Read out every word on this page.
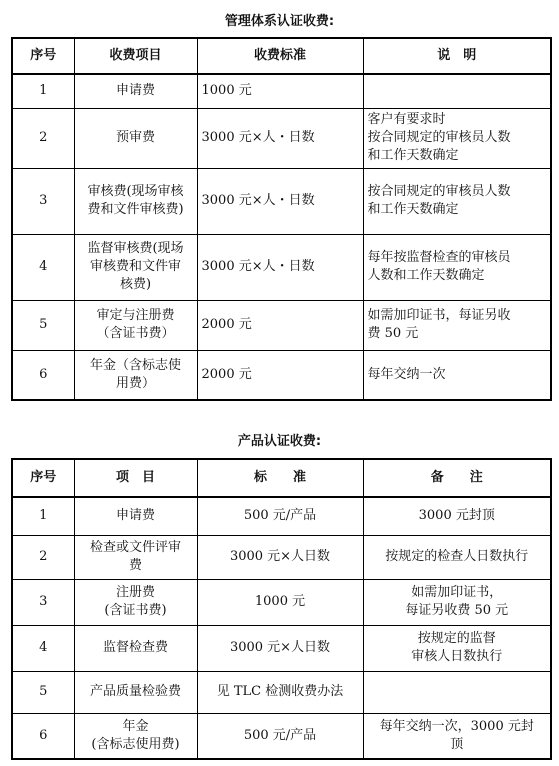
管理体系认证收费:
序号	收费项目	收费标准	说　明
1	申请费	1000 元	
2	预审费	3000 元×人・日数	客户有要求时
按合同规定的审核员人数
和工作天数确定
3	审核费(现场审核
费和文件审核费)	3000 元×人・日数	按合同规定的审核员人数
和工作天数确定
4	监督审核费(现场
审核费和文件审
核费)	3000 元×人・日数	每年按监督检查的审核员
人数和工作天数确定
5	审定与注册费
（含证书费）	2000 元	如需加印证书，每证另收
费 50 元
6	年金（含标志使
用费）	2000 元	每年交纳一次
产品认证收费:
序号	项　目	标　　准	备　　注
1	申请费	500 元/产品	3000 元封顶
2	检查或文件评审
费	3000 元×人日数	按规定的检查人日数执行
3	注册费
(含证书费)	1000 元	如需加印证书，
每证另收费 50 元
4	监督检查费	3000 元×人日数	按规定的监督
审核人日数执行
5	产品质量检验费	见 TLC 检测收费办法	
6	年金
(含标志使用费)	500 元/产品	每年交纳一次，3000 元封
顶
